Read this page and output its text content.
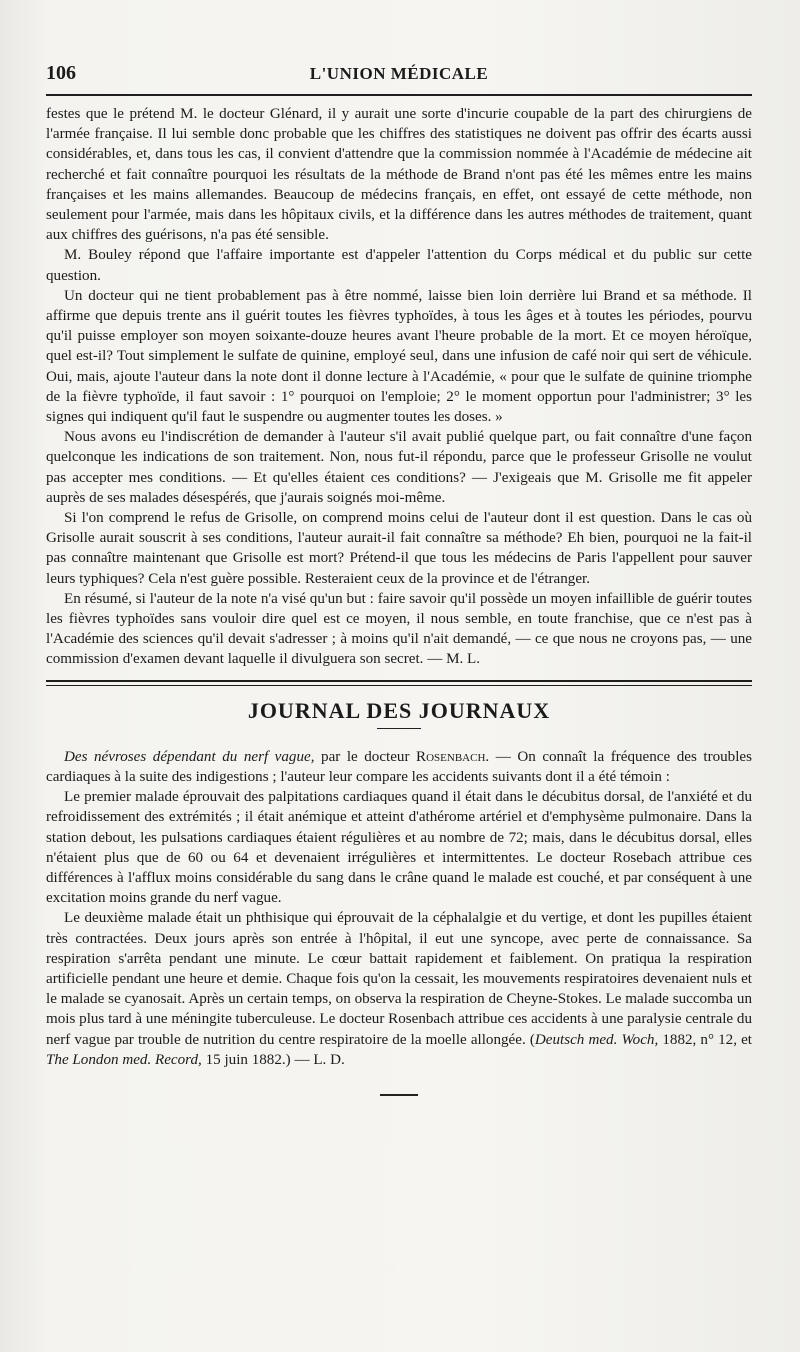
106	L'UNION MÉDICALE

festes que le prétend M. le docteur Glénard, il y aurait une sorte d'incurie coupable de la part des chirurgiens de l'armée française. Il lui semble donc probable que les chiffres des statistiques ne doivent pas offrir des écarts aussi considérables, et, dans tous les cas, il convient d'attendre que la commission nommée à l'Académie de médecine ait recherché et fait connaître pourquoi les résultats de la méthode de Brand n'ont pas été les mêmes entre les mains françaises et les mains allemandes. Beaucoup de médecins français, en effet, ont essayé de cette méthode, non seulement pour l'armée, mais dans les hôpitaux civils, et la différence dans les autres méthodes de traitement, quant aux chiffres des guérisons, n'a pas été sensible.

M. Bouley répond que l'affaire importante est d'appeler l'attention du Corps médical et du public sur cette question.

Un docteur qui ne tient probablement pas à être nommé, laisse bien loin derrière lui Brand et sa méthode. Il affirme que depuis trente ans il guérit toutes les fièvres typhoïdes, à tous les âges et à toutes les périodes, pourvu qu'il puisse employer son moyen soixante-douze heures avant l'heure probable de la mort. Et ce moyen héroïque, quel est-il? Tout simplement le sulfate de quinine, employé seul, dans une infusion de café noir qui sert de véhicule. Oui, mais, ajoute l'auteur dans la note dont il donne lecture à l'Académie, « pour que le sulfate de quinine triomphe de la fièvre typhoïde, il faut savoir : 1° pourquoi on l'emploie; 2° le moment opportun pour l'administrer; 3° les signes qui indiquent qu'il faut le suspendre ou augmenter toutes les doses. »

Nous avons eu l'indiscrétion de demander à l'auteur s'il avait publié quelque part, ou fait connaître d'une façon quelconque les indications de son traitement. Non, nous fut-il répondu, parce que le professeur Grisolle ne voulut pas accepter mes conditions. — Et qu'elles étaient ces conditions? — J'exigeais que M. Grisolle me fit appeler auprès de ses malades désespérés, que j'aurais soignés moi-même.

Si l'on comprend le refus de Grisolle, on comprend moins celui de l'auteur dont il est question. Dans le cas où Grisolle aurait souscrit à ses conditions, l'auteur aurait-il fait connaître sa méthode? Eh bien, pourquoi ne la fait-il pas connaître maintenant que Grisolle est mort? Prétend-il que tous les médecins de Paris l'appellent pour sauver leurs typhiques? Cela n'est guère possible. Resteraient ceux de la province et de l'étranger.

En résumé, si l'auteur de la note n'a visé qu'un but : faire savoir qu'il possède un moyen infaillible de guérir toutes les fièvres typhoïdes sans vouloir dire quel est ce moyen, il nous semble, en toute franchise, que ce n'est pas à l'Académie des sciences qu'il devait s'adresser ; à moins qu'il n'ait demandé, — ce que nous ne croyons pas, — une commission d'examen devant laquelle il divulguera son secret. — M. L.

JOURNAL DES JOURNAUX

Des névroses dépendant du nerf vague, par le docteur Rosenbach. — On connaît la fréquence des troubles cardiaques à la suite des indigestions ; l'auteur leur compare les accidents suivants dont il a été témoin :

Le premier malade éprouvait des palpitations cardiaques quand il était dans le décubitus dorsal, de l'anxiété et du refroidissement des extrémités ; il était anémique et atteint d'athérome artériel et d'emphysème pulmonaire. Dans la station debout, les pulsations cardiaques étaient régulières et au nombre de 72; mais, dans le décubitus dorsal, elles n'étaient plus que de 60 ou 64 et devenaient irrégulières et intermittentes. Le docteur Rosebach attribue ces différences à l'afflux moins considérable du sang dans le crâne quand le malade est couché, et par conséquent à une excitation moins grande du nerf vague.

Le deuxième malade était un phthisique qui éprouvait de la céphalalgie et du vertige, et dont les pupilles étaient très contractées. Deux jours après son entrée à l'hôpital, il eut une syncope, avec perte de connaissance. Sa respiration s'arrêta pendant une minute. Le cœur battait rapidement et faiblement. On pratiqua la respiration artificielle pendant une heure et demie. Chaque fois qu'on la cessait, les mouvements respiratoires devenaient nuls et le malade se cyanosait. Après un certain temps, on observa la respiration de Cheyne-Stokes. Le malade succomba un mois plus tard à une méningite tuberculeuse. Le docteur Rosenbach attribue ces accidents à une paralysie centrale du nerf vague par trouble de nutrition du centre respiratoire de la moelle allongée. (Deutsch med. Woch, 1882, n° 12, et The London med. Record, 15 juin 1882.) — L. D.
